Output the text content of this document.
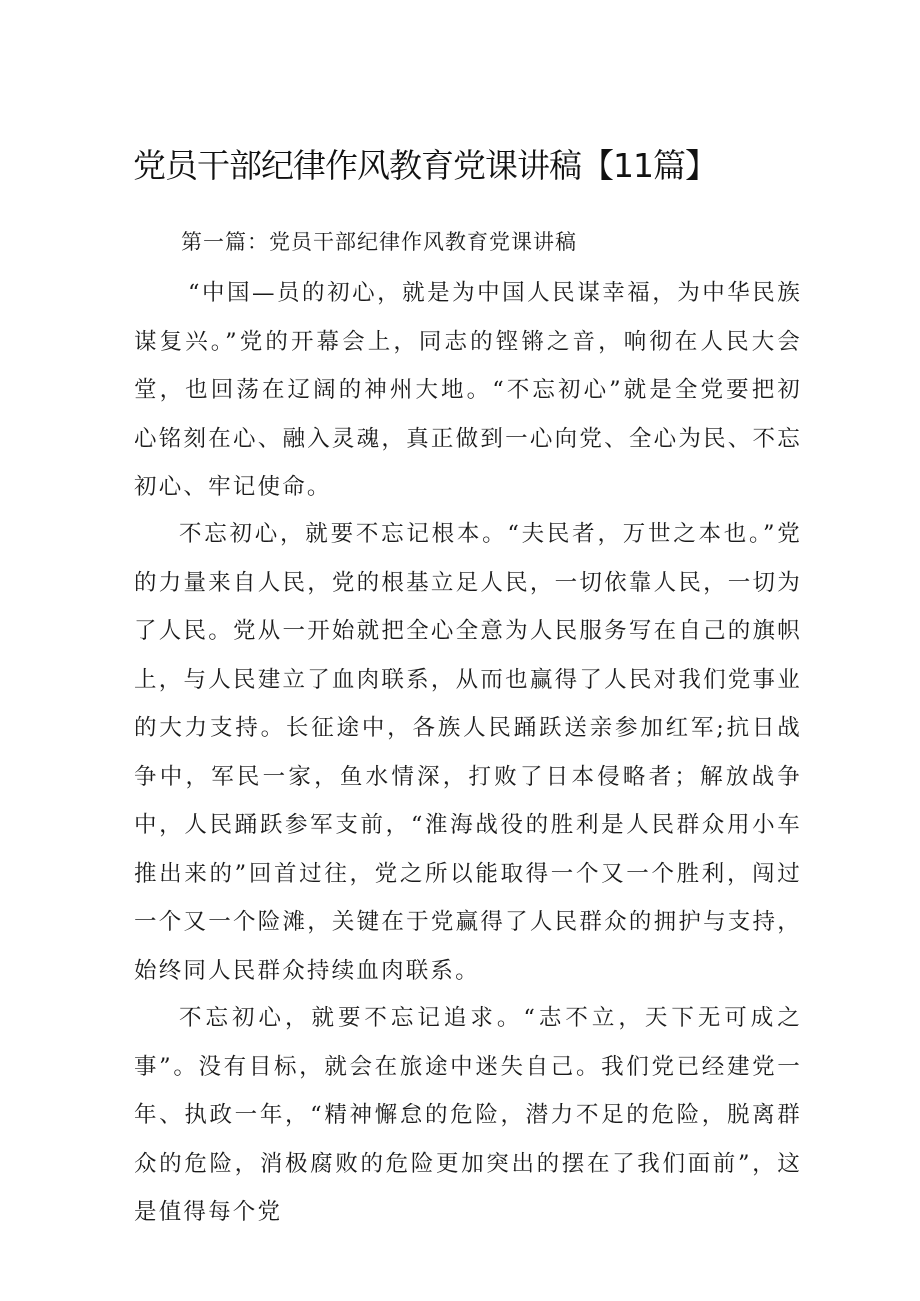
党员干部纪律作风教育党课讲稿【11篇】

第一篇：党员干部纪律作风教育党课讲稿

“中国—员的初心，就是为中国人民谋幸福，为中华民族谋复兴。”党的开幕会上，同志的铿锵之音，响彻在人民大会堂，也回荡在辽阔的神州大地。“不忘初心”就是全党要把初心铭刻在心、融入灵魂，真正做到一心向党、全心为民、不忘初心、牢记使命。

不忘初心，就要不忘记根本。“夫民者，万世之本也。”党的力量来自人民，党的根基立足人民，一切依靠人民，一切为了人民。党从一开始就把全心全意为人民服务写在自己的旗帜上，与人民建立了血肉联系，从而也赢得了人民对我们党事业的大力支持。长征途中，各族人民踊跃送亲参加红军;抗日战争中，军民一家，鱼水情深，打败了日本侵略者；解放战争中，人民踊跃参军支前，“淮海战役的胜利是人民群众用小车推出来的”回首过往，党之所以能取得一个又一个胜利，闯过一个又一个险滩，关键在于党赢得了人民群众的拥护与支持，始终同人民群众持续血肉联系。

不忘初心，就要不忘记追求。“志不立，天下无可成之事”。没有目标，就会在旅途中迷失自己。我们党已经建党一年、执政一年，“精神懈怠的危险，潜力不足的危险，脱离群众的危险，消极腐败的危险更加突出的摆在了我们面前”，这是值得每个党
